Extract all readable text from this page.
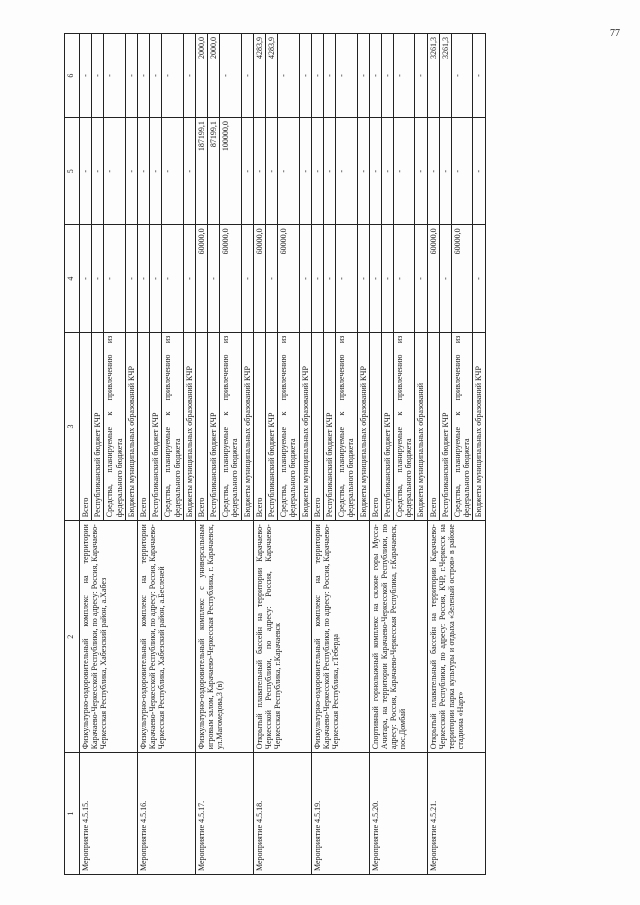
77
1	2	3	4	5	6
Мероприятие 4.5.15.	Физкультурно-оздоровительный комплекс на территории Карачаево-Черкесской Республики, по адресу: Россия, Карачаево-Черкесская Республика, Хабезский район, а.Хабез	Всего	-	-	-
		Республиканский бюджет КЧР	-	-	-
		Средства, планируемые к привлечению из федерального бюджета	-	-	-
		Бюджеты муниципальных образований КЧР	-	-	-
Мероприятие 4.5.16.	Физкультурно-оздоровительный комплекс на территории Карачаево-Черкесской Республики, по адресу: Россия, Карачаево-Черкесская Республика, Хабезский район, а.Бесленей	Всего	-	-	-
		Республиканский бюджет КЧР	-	-	-
		Средства, планируемые к привлечению из федерального бюджета	-	-	-
		Бюджеты муниципальных образований КЧР	-	-	-
Мероприятие 4.5.17.	Физкультурно-оздоровительный комплекс с универсальным игровым залом, Карачаево-Черкесская Республика, г. Карачаевск, ул.Магомедова,3 (в)	Всего	60000,0	187199,1	2000,0
		Республиканский бюджет КЧР	-	87199,1	2000,0
		Средства, планируемые к привлечению из федерального бюджета	60000,0	100000,0	-
		Бюджеты муниципальных образований КЧР	-	-	-
Мероприятие 4.5.18.	Открытый плавательный бассейн на территории Карачаево-Черкесской Республики, по адресу: Россия, Карачаево-Черкесская Республика, г.Карачаевск	Всего	60000,0	-	4283,9
		Республиканский бюджет КЧР	-	-	4283,9
		Средства, планируемые к привлечению из федерального бюджета	60000,0	-	-
		Бюджеты муниципальных образований КЧР	-	-	-
Мероприятие 4.5.19.	Физкультурно-оздоровительный комплекс на территории Карачаево-Черкесской Республики, по адресу: Россия, Карачаево-Черкесская Республика, г.Теберда	Всего	-	-	-
		Республиканский бюджет КЧР	-	-	-
		Средства, планируемые к привлечению из федерального бюджета	-	-	-
		Бюджеты муниципальных образований КЧР	-	-	-
Мероприятие 4.5.20.	Спортивный горнолыжный комплекс на склоне горы Мусса-Ачитара, на территории Карачаево-Черкесской Республики, по адресу: Россия, Карачаево-Черкесская Республика, г.Карачаевск, пос.Домбай	Всего	-	-	-
		Республиканский бюджет КЧР	-	-	-
		Средства, планируемые к привлечению из федерального бюджета	-	-	-
		Бюджеты муниципальных образований	-	-	-
Мероприятие 4.5.21.	Открытый плавательный бассейн на территории Карачаево-Черкесской Республики, по адресу: Россия, КЧР, г.Черкесск на территории парка культуры и отдыха «Зеленый остров» в районе стадиона «Нарт»	Всего	60000,0	-	3261,3
		Республиканский бюджет КЧР	-	-	3261,3
		Средства, планируемые к привлечению из федерального бюджета	60000,0	-	-
		Бюджеты муниципальных образований КЧР	-	-	-
